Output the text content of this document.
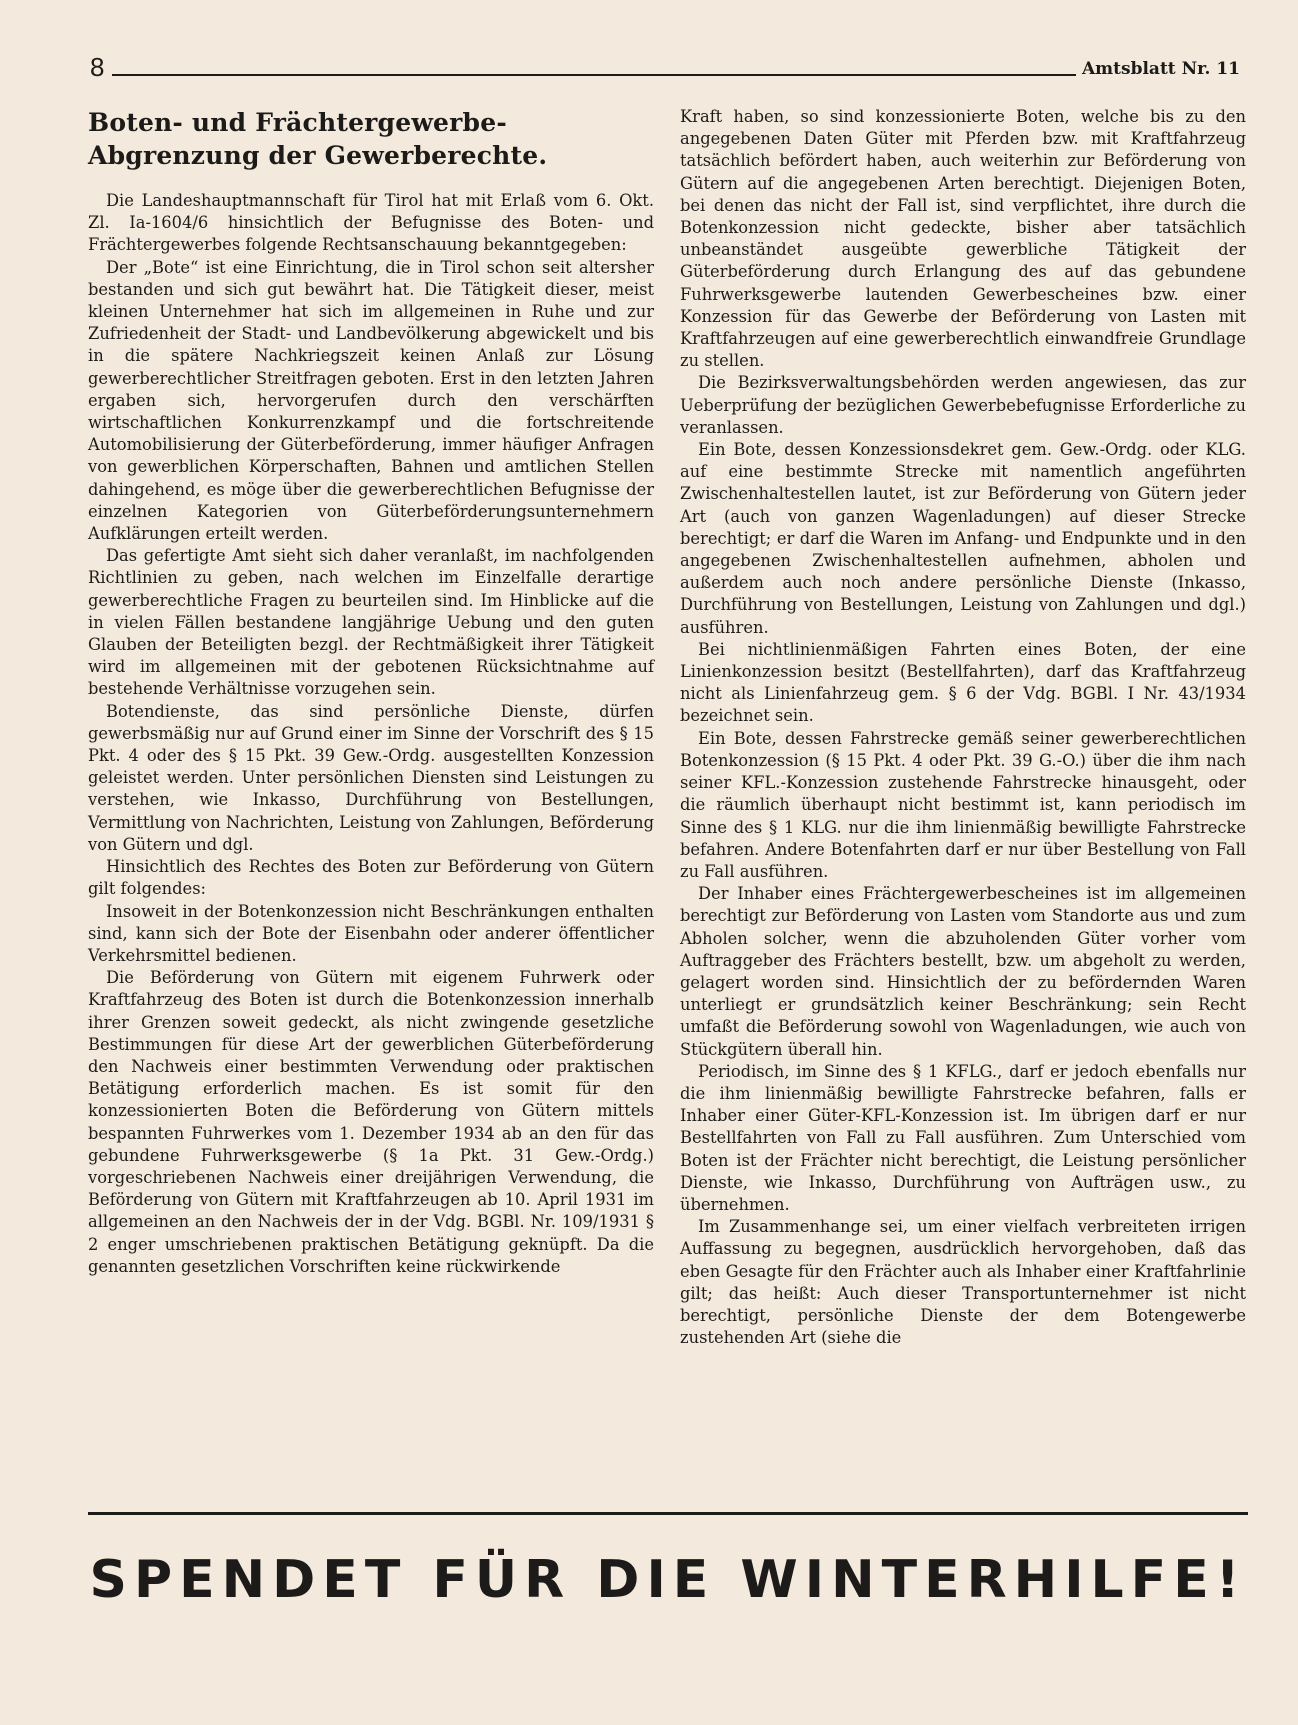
8	Amtsblatt Nr. 11
Boten- und Frächtergewerbe-Abgrenzung der Gewerberechte.

Die Landeshauptmannschaft für Tirol hat mit Erlaß vom 6. Okt. Zl. Ia-1604/6 hinsichtlich der Befugnisse des Boten- und Frächtergewerbes folgende Rechtsanschauung bekanntgegeben:

Der „Bote“ ist eine Einrichtung, die in Tirol schon seit altersher bestanden und sich gut bewährt hat. Die Tätigkeit dieser, meist kleinen Unternehmer hat sich im allgemeinen in Ruhe und zur Zufriedenheit der Stadt- und Landbevölkerung abgewickelt und bis in die spätere Nachkriegszeit keinen Anlaß zur Lösung gewerberechtlicher Streitfragen geboten. Erst in den letzten Jahren ergaben sich, hervorgerufen durch den verschärften wirtschaftlichen Konkurrenzkampf und die fortschreitende Automobilisierung der Güterbeförderung, immer häufiger Anfragen von gewerblichen Körperschaften, Bahnen und amtlichen Stellen dahingehend, es möge über die gewerberechtlichen Befugnisse der einzelnen Kategorien von Güterbeförderungsunternehmern Aufklärungen erteilt werden.

Das gefertigte Amt sieht sich daher veranlaßt, im nachfolgenden Richtlinien zu geben, nach welchen im Einzelfalle derartige gewerberechtliche Fragen zu beurteilen sind. Im Hinblicke auf die in vielen Fällen bestandene langjährige Uebung und den guten Glauben der Beteiligten bezgl. der Rechtmäßigkeit ihrer Tätigkeit wird im allgemeinen mit der gebotenen Rücksichtnahme auf bestehende Verhältnisse vorzugehen sein.

Botendienste, das sind persönliche Dienste, dürfen gewerbsmäßig nur auf Grund einer im Sinne der Vorschrift des § 15 Pkt. 4 oder des § 15 Pkt. 39 Gew.-Ordg. ausgestellten Konzession geleistet werden. Unter persönlichen Diensten sind Leistungen zu verstehen, wie Inkasso, Durchführung von Bestellungen, Vermittlung von Nachrichten, Leistung von Zahlungen, Beförderung von Gütern und dgl.

Hinsichtlich des Rechtes des Boten zur Beförderung von Gütern gilt folgendes:

Insoweit in der Botenkonzession nicht Beschränkungen enthalten sind, kann sich der Bote der Eisenbahn oder anderer öffentlicher Verkehrsmittel bedienen.

Die Beförderung von Gütern mit eigenem Fuhrwerk oder Kraftfahrzeug des Boten ist durch die Botenkonzession innerhalb ihrer Grenzen soweit gedeckt, als nicht zwingende gesetzliche Bestimmungen für diese Art der gewerblichen Güterbeförderung den Nachweis einer bestimmten Verwendung oder praktischen Betätigung erforderlich machen. Es ist somit für den konzessionierten Boten die Beförderung von Gütern mittels bespannten Fuhrwerkes vom 1. Dezember 1934 ab an den für das gebundene Fuhrwerksgewerbe (§ 1a Pkt. 31 Gew.-Ordg.) vorgeschriebenen Nachweis einer dreijährigen Verwendung, die Beförderung von Gütern mit Kraftfahrzeugen ab 10. April 1931 im allgemeinen an den Nachweis der in der Vdg. BGBl. Nr. 109/1931 § 2 enger umschriebenen praktischen Betätigung geknüpft. Da die genannten gesetzlichen Vorschriften keine rückwirkende

Kraft haben, so sind konzessionierte Boten, welche bis zu den angegebenen Daten Güter mit Pferden bzw. mit Kraftfahrzeug tatsächlich befördert haben, auch weiterhin zur Beförderung von Gütern auf die angegebenen Arten berechtigt. Diejenigen Boten, bei denen das nicht der Fall ist, sind verpflichtet, ihre durch die Botenkonzession nicht gedeckte, bisher aber tatsächlich unbeanständet ausgeübte gewerbliche Tätigkeit der Güterbeförderung durch Erlangung des auf das gebundene Fuhrwerksgewerbe lautenden Gewerbescheines bzw. einer Konzession für das Gewerbe der Beförderung von Lasten mit Kraftfahrzeugen auf eine gewerberechtlich einwandfreie Grundlage zu stellen.

Die Bezirksverwaltungsbehörden werden angewiesen, das zur Ueberprüfung der bezüglichen Gewerbebefugnisse Erforderliche zu veranlassen.

Ein Bote, dessen Konzessionsdekret gem. Gew.-Ordg. oder KLG. auf eine bestimmte Strecke mit namentlich angeführten Zwischenhaltestellen lautet, ist zur Beförderung von Gütern jeder Art (auch von ganzen Wagenladungen) auf dieser Strecke berechtigt; er darf die Waren im Anfang- und Endpunkte und in den angegebenen Zwischenhaltestellen aufnehmen, abholen und außerdem auch noch andere persönliche Dienste (Inkasso, Durchführung von Bestellungen, Leistung von Zahlungen und dgl.) ausführen.

Bei nichtlinienmäßigen Fahrten eines Boten, der eine Linienkonzession besitzt (Bestellfahrten), darf das Kraftfahrzeug nicht als Linienfahrzeug gem. § 6 der Vdg. BGBl. I Nr. 43/1934 bezeichnet sein.

Ein Bote, dessen Fahrstrecke gemäß seiner gewerberechtlichen Botenkonzession (§ 15 Pkt. 4 oder Pkt. 39 G.-O.) über die ihm nach seiner KFL.-Konzession zustehende Fahrstrecke hinausgeht, oder die räumlich überhaupt nicht bestimmt ist, kann periodisch im Sinne des § 1 KLG. nur die ihm linienmäßig bewilligte Fahrstrecke befahren. Andere Botenfahrten darf er nur über Bestellung von Fall zu Fall ausführen.

Der Inhaber eines Frächtergewerbescheines ist im allgemeinen berechtigt zur Beförderung von Lasten vom Standorte aus und zum Abholen solcher, wenn die abzuholenden Güter vorher vom Auftraggeber des Frächters bestellt, bzw. um abgeholt zu werden, gelagert worden sind. Hinsichtlich der zu befördernden Waren unterliegt er grundsätzlich keiner Beschränkung; sein Recht umfaßt die Beförderung sowohl von Wagenladungen, wie auch von Stückgütern überall hin.

Periodisch, im Sinne des § 1 KFLG., darf er jedoch ebenfalls nur die ihm linienmäßig bewilligte Fahrstrecke befahren, falls er Inhaber einer Güter-KFL-Konzession ist. Im übrigen darf er nur Bestellfahrten von Fall zu Fall ausführen. Zum Unterschied vom Boten ist der Frächter nicht berechtigt, die Leistung persönlicher Dienste, wie Inkasso, Durchführung von Aufträgen usw., zu übernehmen.

Im Zusammenhange sei, um einer vielfach verbreiteten irrigen Auffassung zu begegnen, ausdrücklich hervorgehoben, daß das eben Gesagte für den Frächter auch als Inhaber einer Kraftfahrlinie gilt; das heißt: Auch dieser Transportunternehmer ist nicht berechtigt, persönliche Dienste der dem Botengewerbe zustehenden Art (siehe die

SPENDET FÜR DIE WINTERHILFE!
